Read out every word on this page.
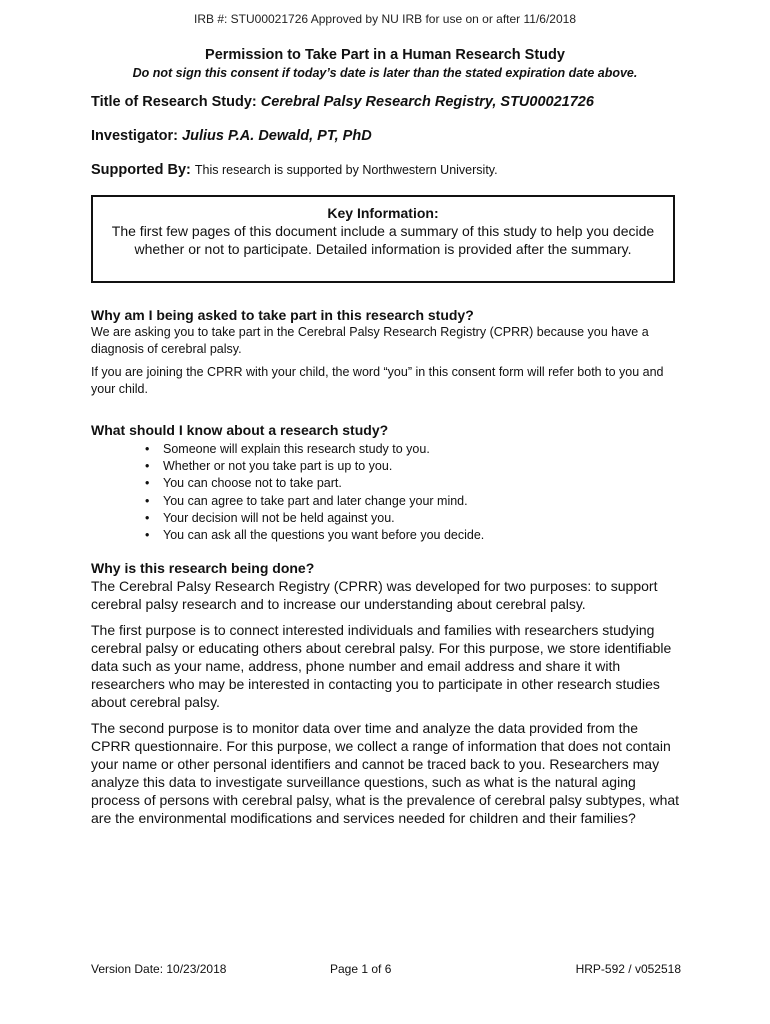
IRB #: STU00021726 Approved by NU IRB for use on or after 11/6/2018
Permission to Take Part in a Human Research Study
Do not sign this consent if today’s date is later than the stated expiration date above.
Title of Research Study: Cerebral Palsy Research Registry, STU00021726
Investigator: Julius P.A. Dewald, PT, PhD
Supported By: This research is supported by Northwestern University.
Key Information:
The first few pages of this document include a summary of this study to help you decide whether or not to participate. Detailed information is provided after the summary.
Why am I being asked to take part in this research study?

We are asking you to take part in the Cerebral Palsy Research Registry (CPRR) because you have a diagnosis of cerebral palsy.

If you are joining the CPRR with your child, the word “you” in this consent form will refer both to you and your child.

What should I know about a research study?
• Someone will explain this research study to you.
• Whether or not you take part is up to you.
• You can choose not to take part.
• You can agree to take part and later change your mind.
• Your decision will not be held against you.
• You can ask all the questions you want before you decide.
Why is this research being done?

The Cerebral Palsy Research Registry (CPRR) was developed for two purposes: to support cerebral palsy research and to increase our understanding about cerebral palsy.

The first purpose is to connect interested individuals and families with researchers studying cerebral palsy or educating others about cerebral palsy. For this purpose, we store identifiable data such as your name, address, phone number and email address and share it with researchers who may be interested in contacting you to participate in other research studies about cerebral palsy.

The second purpose is to monitor data over time and analyze the data provided from the CPRR questionnaire. For this purpose, we collect a range of information that does not contain your name or other personal identifiers and cannot be traced back to you. Researchers may analyze this data to investigate surveillance questions, such as what is the natural aging process of persons with cerebral palsy, what is the prevalence of cerebral palsy subtypes, what are the environmental modifications and services needed for children and their families?

Version Date: 10/23/2018	Page 1 of 6	HRP-592 / v052518
